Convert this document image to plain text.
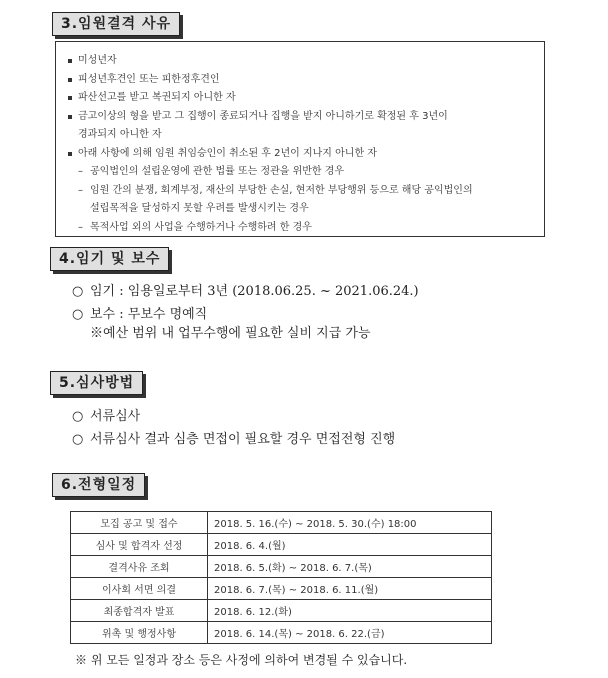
3.임원결격 사유
미성년자
피성년후견인 또는 피한정후견인
파산선고를 받고 복권되지 아니한 자
금고이상의 형을 받고 그 집행이 종료되거나 집행을 받지 아니하기로 확정된 후 3년이
경과되지 아니한 자
아래 사항에 의해 임원 취임승인이 취소된 후 2년이 지나지 아니한 자
– 공익법인의 설립운영에 관한 법률 또는 정관을 위반한 경우
– 임원 간의 분쟁, 회계부정, 재산의 부당한 손실, 현저한 부당행위 등으로 해당 공익법인의
설립목적을 달성하지 못할 우려를 발생시키는 경우
– 목적사업 외의 사업을 수행하거나 수행하려 한 경우
4.임기 및 보수
○ 임기 : 임용일로부터 3년 (2018.06.25. ~ 2021.06.24.)
○ 보수 : 무보수 명예직
※예산 범위 내 업무수행에 필요한 실비 지급 가능
5.심사방법
○ 서류심사
○ 서류심사 결과 심층 면접이 필요할 경우 면접전형 진행
6.전형일정
모집 공고 및 접수	2018. 5. 16.(수) ~ 2018. 5. 30.(수) 18:00
심사 및 합격자 선정	2018. 6. 4.(월)
결격사유 조회	2018. 6. 5.(화) ~ 2018. 6. 7.(목)
이사회 서면 의결	2018. 6. 7.(목) ~ 2018. 6. 11.(월)
최종합격자 발표	2018. 6. 12.(화)
위촉 및 행정사항	2018. 6. 14.(목) ~ 2018. 6. 22.(금)
※ 위 모든 일정과 장소 등은 사정에 의하여 변경될 수 있습니다.
